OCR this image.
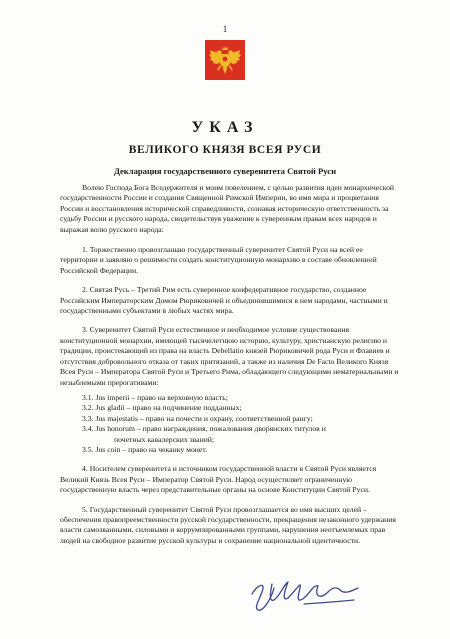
1
УКАЗ
ВЕЛИКОГО КНЯЗЯ ВСЕЯ РУСИ
Декларация государственного суверенитета Святой Руси

Волею Господа Бога Вседержителя и моим повелением, с целью развития идеи монархической государственности России и создания Священной Римской Империи, во имя мира и процветания России и восстановления исторической справедливости, сознавая историческую ответственность за судьбу России и русского народа, свидетельствуя уважение к суверенным правам всех народов и выражая волю русского народа:

1. Торжественно провозглашаю государственный суверенитет Святой Руси на всей ее территории и заявляю о решимости создать конституционную монархию в составе обновленной Российской Федерации.

2. Святая Русь – Третий Рим есть суверенное конфедеративное государство, созданное Российским Императорским Домом Рюриковичей и объединившимися в нем народами, частными и государственными субъектами в любых частях мира.

3. Суверенитет Святой Руси естественное и необходимое условие существования конституционной монархии, имеющей тысячелетнюю историю, культуру, христианскую религию и традиции, проистекающий из права на власть Debellatio князей Рюриковичей рода Руси и Флавиев и отсутствия добровольного отказа от таких притязаний, а также из наличия De Facto Великого Князя Всея Руси – Императора Святой Руси и Третьего Рима, обладающего следующими нематериальными и незыблемыми прерогативами:

3.1. Jus imperii – право на верховную власть;
3.2. Jus gladii – право на подчинение подданных;
3.3. Jus majestatis – право на почести и охрану, соответственной рангу;
3.4. Jus honorum – право награждения, пожалования дворянских титулов и
почетных кавалерских званий;
3.5. Jus coin – право на чеканку монет.

4. Носителем суверенитета и источником государственной власти в Святой Руси является Великий Князь Всея Руси – Император Святой Руси. Народ осуществляет ограниченную государственную власть через представительные органы на основе Конституции Святой Руси.

5. Государственный суверенитет Святой Руси провозглашается во имя высших целей – обеспечения правопреемственности русской государственности, прекращения незаконного удержания власти самозванными, силовыми и коррумпированными группами, нарушения неотъемлемых прав людей на свободное развитие русской культуры и сохранение национальной идентичности.
